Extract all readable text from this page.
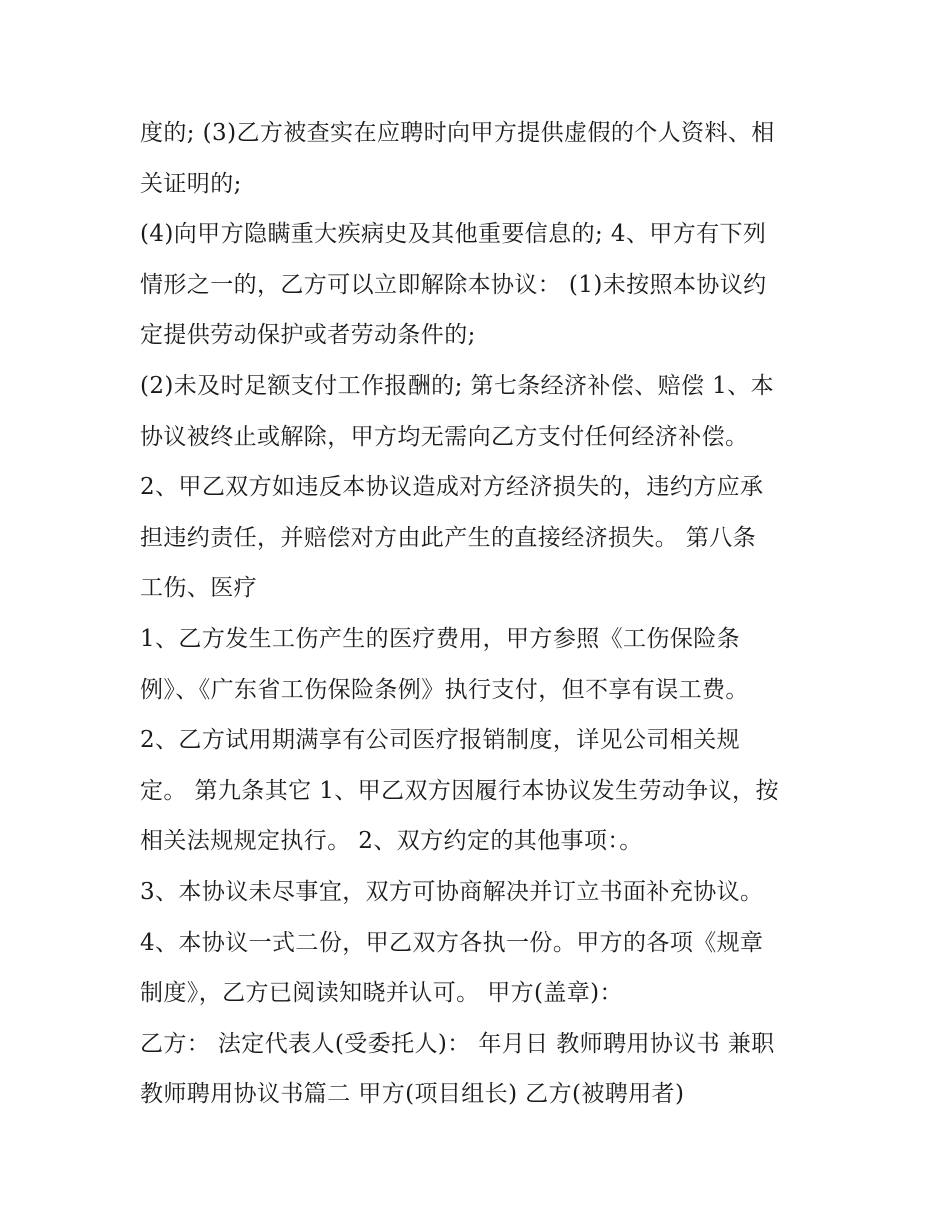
度的; (3)乙方被查实在应聘时向甲方提供虚假的个人资料、相
关证明的;
(4)向甲方隐瞒重大疾病史及其他重要信息的; 4、甲方有下列
情形之一的，乙方可以立即解除本协议： (1)未按照本协议约
定提供劳动保护或者劳动条件的;
(2)未及时足额支付工作报酬的; 第七条经济补偿、赔偿 1、本
协议被终止或解除，甲方均无需向乙方支付任何经济补偿。
2、甲乙双方如违反本协议造成对方经济损失的，违约方应承
担违约责任，并赔偿对方由此产生的直接经济损失。 第八条
工伤、医疗
1、乙方发生工伤产生的医疗费用，甲方参照《工伤保险条
例》、《广东省工伤保险条例》执行支付，但不享有误工费。
2、乙方试用期满享有公司医疗报销制度，详见公司相关规
定。 第九条其它 1、甲乙双方因履行本协议发生劳动争议，按
相关法规规定执行。 2、双方约定的其他事项：。
3、本协议未尽事宜，双方可协商解决并订立书面补充协议。
4、本协议一式二份，甲乙双方各执一份。甲方的各项《规章
制度》，乙方已阅读知晓并认可。 甲方(盖章)：
乙方： 法定代表人(受委托人)： 年月日 教师聘用协议书 兼职
教师聘用协议书篇二 甲方(项目组长) 乙方(被聘用者)
